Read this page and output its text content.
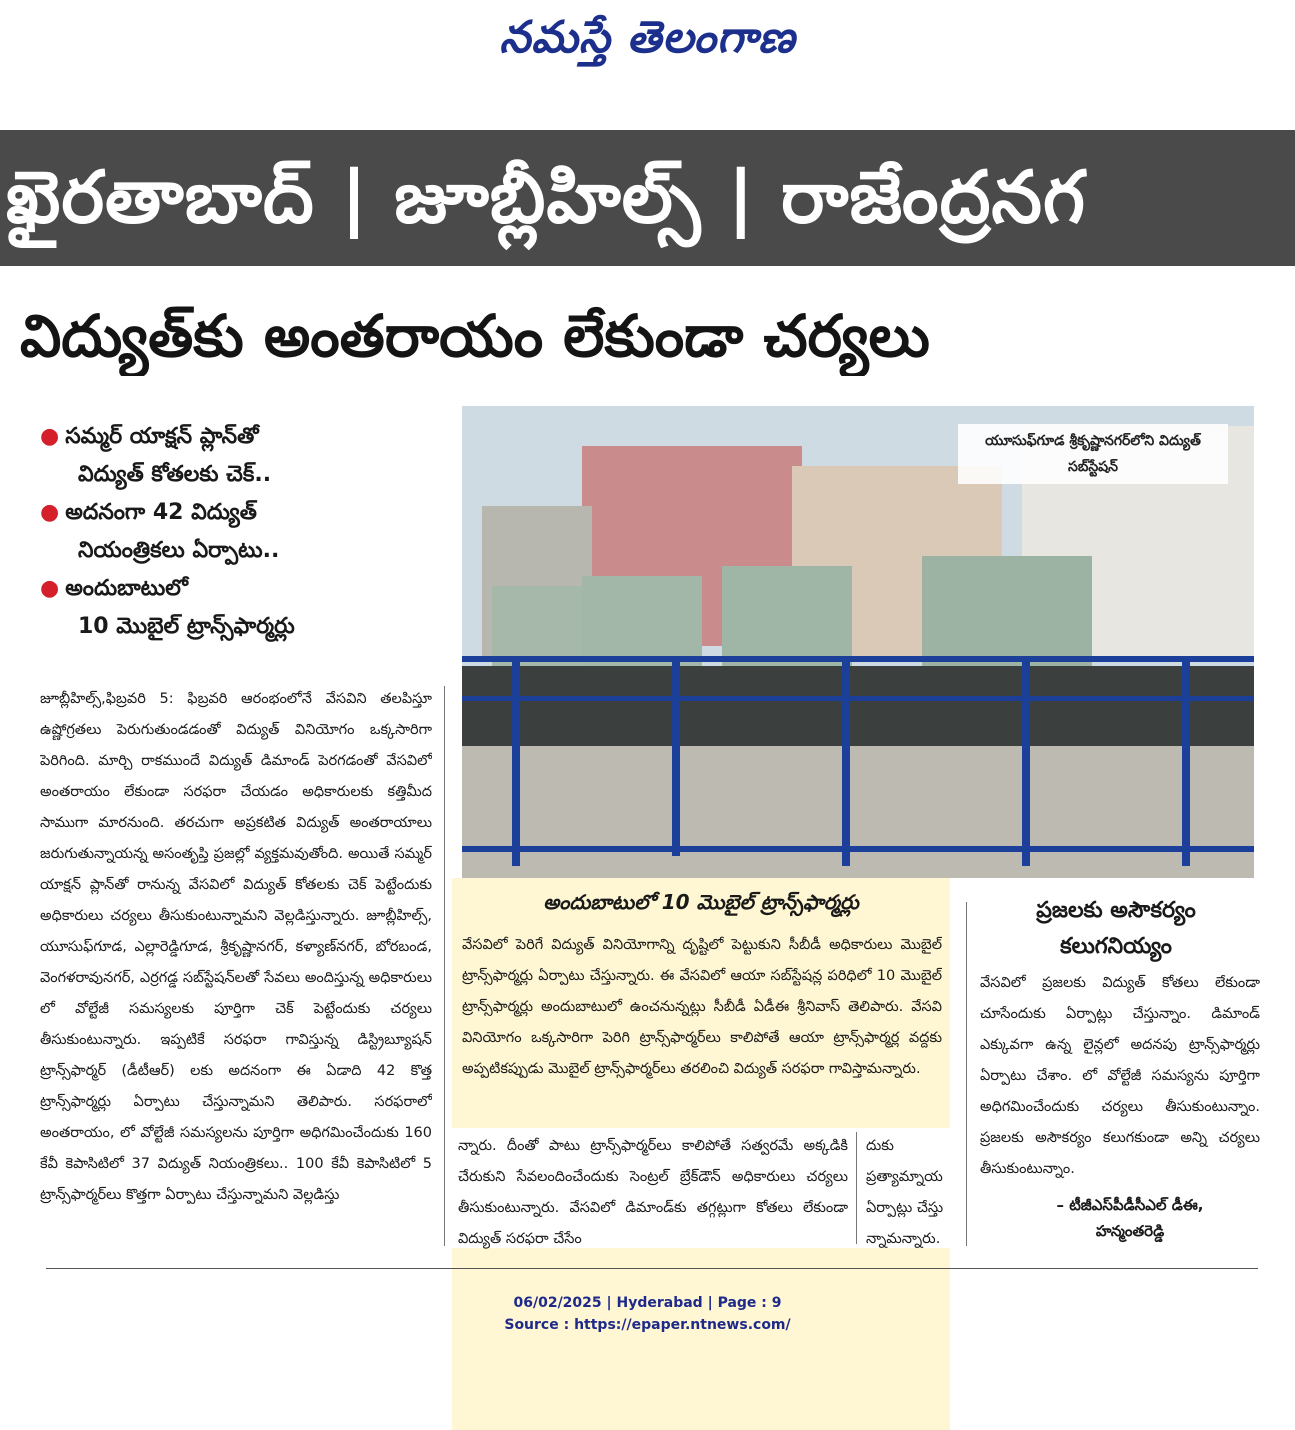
నమస్తే తెలంగాణ
ఖైరతాబాద్ | జూబ్లీహిల్స్ | రాజేంద్రనగ
విద్యుత్‌కు అంతరాయం లేకుండా చర్యలు
● సమ్మర్ యాక్షన్ ప్లాన్‌తో
విద్యుత్ కోతలకు చెక్..
● అదనంగా 42 విద్యుత్
నియంత్రికలు ఏర్పాటు..
● అందుబాటులో
10 మొబైల్ ట్రాన్స్‌ఫార్మర్లు
జూబ్లీహిల్స్,ఫిబ్రవరి 5: ఫిబ్రవరి ఆరంభంలోనే వేసవిని తలపిస్తూ ఉష్ణోగ్రతలు పెరుగుతుండడంతో విద్యుత్ వినియోగం ఒక్కసారిగా పెరిగింది. మార్చి రాకముందే విద్యుత్ డిమాండ్ పెరగడంతో వేసవిలో అంతరాయం లేకుండా సరఫరా చేయడం అధికారులకు కత్తిమీద సాముగా మారనుంది. తరచుగా అప్రకటిత విద్యుత్ అంతరాయాలు జరుగుతున్నాయన్న అసంతృప్తి ప్రజల్లో వ్యక్తమవుతోంది. అయితే సమ్మర్ యాక్షన్ ప్లాన్‌తో రానున్న వేసవిలో విద్యుత్ కోతలకు చెక్ పెట్టేందుకు అధికారులు చర్యలు తీసుకుంటున్నామని వెల్లడిస్తున్నారు. జూబ్లీహిల్స్, యూసుఫ్‌గూడ, ఎల్లారెడ్డిగూడ, శ్రీకృష్ణానగర్, కళ్యాణ్‌నగర్, బోరబండ, వెంగళరావునగర్, ఎర్రగడ్డ సబ్‌స్టేషన్‌లతో సేవలు అందిస్తున్న అధికారులు లో వోల్టేజీ సమస్యలకు పూర్తిగా చెక్ పెట్టేందుకు చర్యలు తీసుకుంటున్నారు. ఇప్పటికే సరఫరా గావిస్తున్న డిస్ట్రిబ్యూషన్ ట్రాన్స్‌ఫార్మర్ (డీటీఆర్) లకు అదనంగా ఈ ఏడాది 42 కొత్త ట్రాన్స్‌ఫార్మర్లు ఏర్పాటు చేస్తున్నామని తెలిపారు. సరఫరాలో అంతరాయం, లో వోల్టేజీ సమస్యలను పూర్తిగా అధిగమించేందుకు 160 కేవీ కెపాసిటిలో 37 విద్యుత్ నియంత్రికలు.. 100 కేవీ కెపాసిటిలో 5 ట్రాన్స్‌ఫార్మర్‌లు కొత్తగా ఏర్పాటు చేస్తున్నామని వెల్లడిస్తు
యూసుఫ్‌గూడ శ్రీకృష్ణానగర్‌లోని విద్యుత్ సబ్‌స్టేషన్
అందుబాటులో 10 మొబైల్ ట్రాన్స్‌ఫార్మర్లు
వేసవిలో పెరిగే విద్యుత్ వినియోగాన్ని దృష్టిలో పెట్టుకుని సీబీడీ అధికారులు మొబైల్ ట్రాన్స్‌ఫార్మర్లు ఏర్పాటు చేస్తున్నారు. ఈ వేసవిలో ఆయా సబ్‌స్టేషన్ల పరిధిలో 10 మొబైల్ ట్రాన్స్‌ఫార్మర్లు అందుబాటులో ఉంచనున్నట్లు సీబీడీ ఏడీఈ శ్రీనివాస్ తెలిపారు. వేసవి వినియోగం ఒక్కసారిగా పెరిగి ట్రాన్స్‌ఫార్మర్‌లు కాలిపోతే ఆయా ట్రాన్స్‌ఫార్మర్ల వద్దకు అప్పటికప్పుడు మొబైల్ ట్రాన్స్‌ఫార్మర్‌లు తరలించి విద్యుత్ సరఫరా గావిస్తామన్నారు.
న్నారు. దీంతో పాటు ట్రాన్స్‌ఫార్మర్‌లు కాలిపోతే సత్వరమే అక్కడికి చేరుకుని సేవలందించేందుకు సెంట్రల్ బ్రేక్‌డౌన్ అధికారులు చర్యలు తీసుకుంటున్నారు. వేసవిలో డిమాండ్‌కు తగ్గట్లుగా కోతలు లేకుండా విద్యుత్ సరఫరా చేసేం
దుకు ప్రత్యామ్నాయ ఏర్పాట్లు చేస్తు న్నామన్నారు.
ప్రజలకు అసౌకర్యం
కలుగనియ్యం
వేసవిలో ప్రజలకు విద్యుత్ కోతలు లేకుండా చూసేందుకు ఏర్పాట్లు చేస్తున్నాం. డిమాండ్ ఎక్కువగా ఉన్న లైన్లలో అదనపు ట్రాన్స్‌ఫార్మర్లు ఏర్పాటు చేశాం. లో వోల్టేజీ సమస్యను పూర్తిగా అధిగమించేందుకు చర్యలు తీసుకుంటున్నాం. ప్రజలకు అసౌకర్యం కలుగకుండా అన్ని చర్యలు తీసుకుంటున్నాం.
– టీజీఎస్‌పీడీసీఎల్ డీఈ,
హన్మంతరెడ్డి
06/02/2025 | Hyderabad | Page : 9
Source : https://epaper.ntnews.com/
